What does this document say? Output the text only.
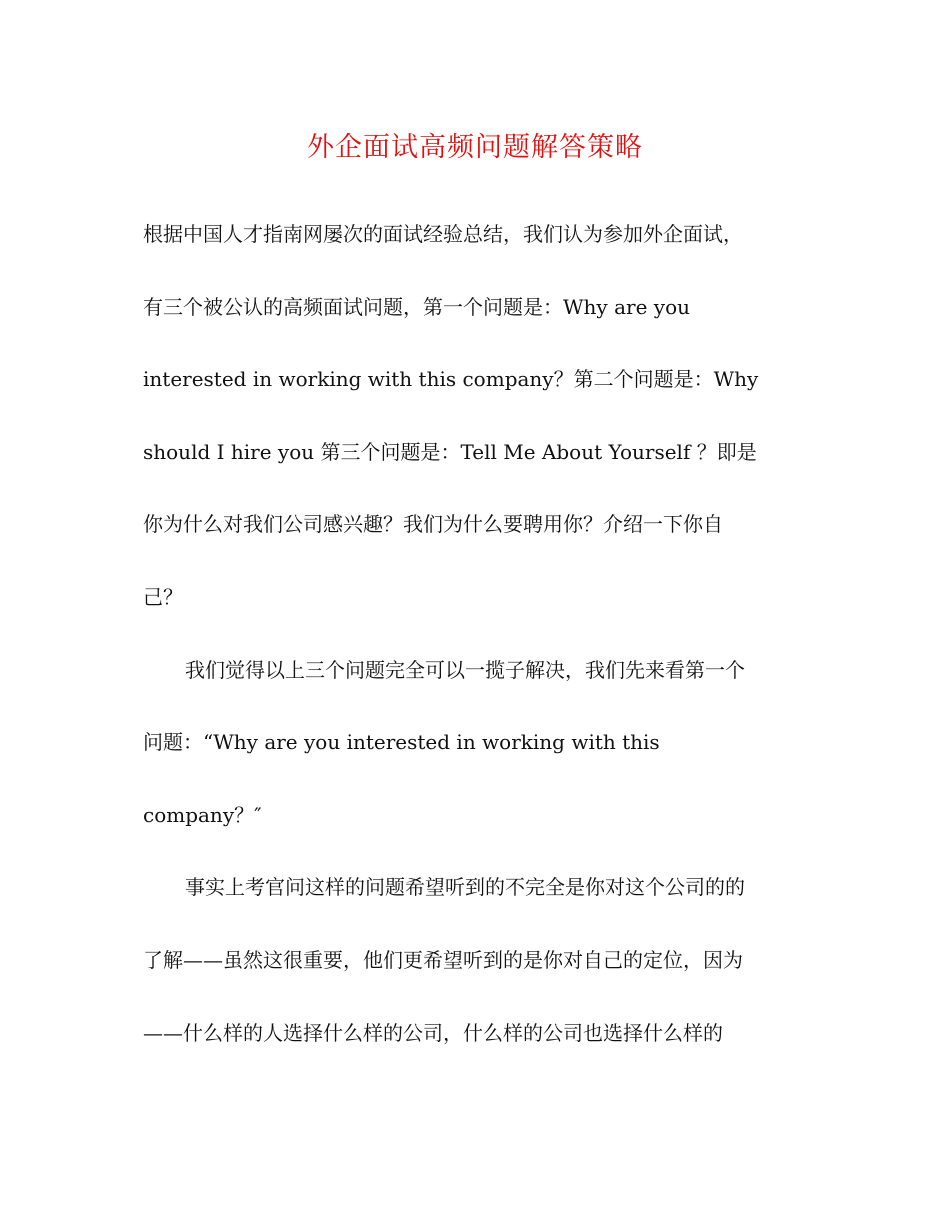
外企面试高频问题解答策略
根据中国人才指南网屡次的面试经验总结，我们认为参加外企面试，
有三个被公认的高频面试问题，第一个问题是：Why are you
interested in working with this company？第二个问题是：Why
should I hire you 第三个问题是：Tell Me About Yourself ？即是
你为什么对我们公司感兴趣？我们为什么要聘用你？介绍一下你自
己？
我们觉得以上三个问题完全可以一揽子解决，我们先来看第一个
问题：“Why are you interested in working with this
company？″
事实上考官问这样的问题希望听到的不完全是你对这个公司的的
了解——虽然这很重要，他们更希望听到的是你对自己的定位，因为
——什么样的人选择什么样的公司，什么样的公司也选择什么样的
